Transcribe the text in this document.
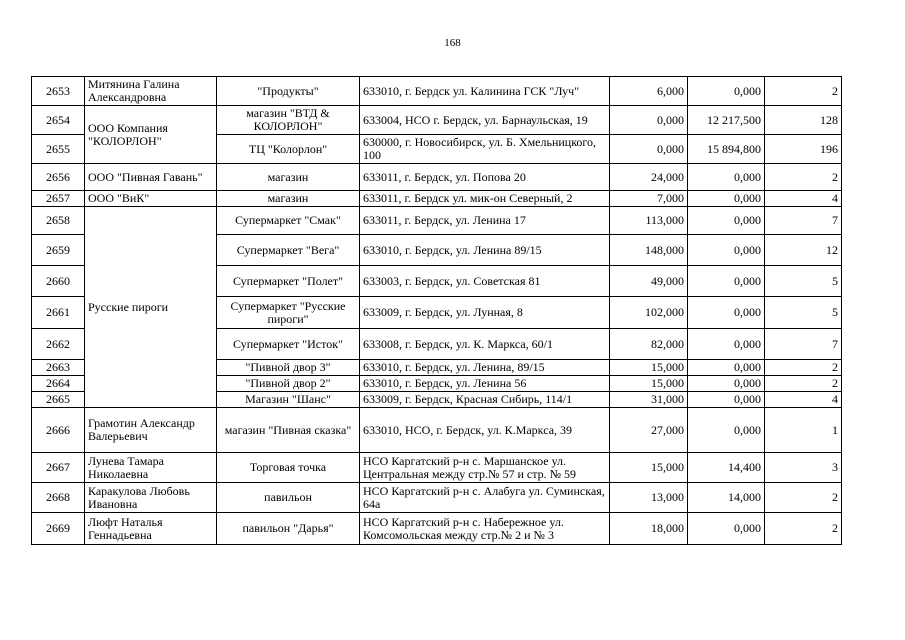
168
2653	Митянина Галина Александровна	"Продукты"	633010, г. Бердск ул. Калинина ГСК "Луч"	6,000	0,000	2
2654	ООО Компания "КОЛОРЛОН"	магазин "ВТД & КОЛОРЛОН"	633004, НСО г. Бердск, ул. Барнаульская, 19	0,000	12 217,500	128
2655		ТЦ "Колорлон"	630000, г. Новосибирск, ул. Б. Хмельницкого, 100	0,000	15 894,800	196
2656	ООО "Пивная Гавань"	магазин	633011, г. Бердск, ул. Попова 20	24,000	0,000	2
2657	ООО "ВиК"	магазин	633011, г. Бердск ул. мик-он Северный, 2	7,000	0,000	4
2658	Русские пироги	Супермаркет "Смак"	633011, г. Бердск, ул. Ленина 17	113,000	0,000	7
2659		Супермаркет "Вега"	633010, г. Бердск, ул. Ленина 89/15	148,000	0,000	12
2660		Супермаркет "Полет"	633003, г. Бердск, ул. Советская 81	49,000	0,000	5
2661		Супермаркет "Русские пироги"	633009, г. Бердск, ул. Лунная, 8	102,000	0,000	5
2662		Супермаркет "Исток"	633008, г. Бердск, ул. К. Маркса, 60/1	82,000	0,000	7
2663		"Пивной двор 3"	633010, г. Бердск, ул. Ленина, 89/15	15,000	0,000	2
2664		"Пивной двор 2"	633010, г. Бердск, ул. Ленина 56	15,000	0,000	2
2665		Магазин "Шанс"	633009, г. Бердск, Красная Сибирь, 114/1	31,000	0,000	4
2666	Грамотин Александр Валерьевич	магазин "Пивная сказка"	633010, НСО, г. Бердск, ул. К.Маркса, 39	27,000	0,000	1
2667	Лунева Тамара Николаевна	Торговая точка	НСО Каргатский р-н с. Маршанское ул. Центральная между стр.№ 57 и стр. № 59	15,000	14,400	3
2668	Каракулова Любовь Ивановна	павильон	НСО Каргатский р-н с. Алабуга ул. Суминская, 64а	13,000	14,000	2
2669	Люфт Наталья Геннадьевна	павильон "Дарья"	НСО Каргатский р-н с. Набережное ул. Комсомольская между стр.№ 2 и № 3	18,000	0,000	2
